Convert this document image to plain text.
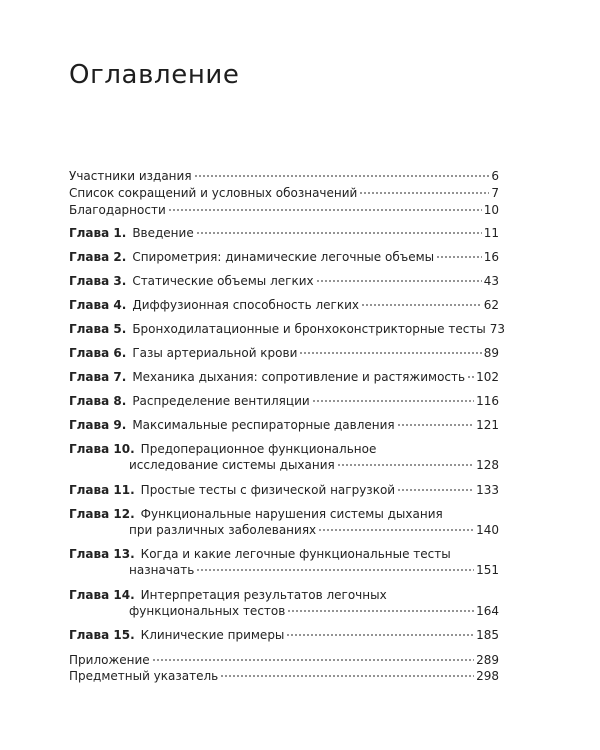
Оглавление
Участники издания	6
Список сокращений и условных обозначений	7
Благодарности	10
Глава 1. Введение	11
Глава 2. Спирометрия: динамические легочные объемы	16
Глава 3. Статические объемы легких	43
Глава 4. Диффузионная способность легких	62
Глава 5. Бронходилатационные и бронхоконстрикторные тесты 73
Глава 6. Газы артериальной крови	89
Глава 7. Механика дыхания: сопротивление и растяжимость 102
Глава 8. Распределение вентиляции	116
Глава 9. Максимальные респираторные давления	121
Глава 10. Предоперационное функциональное
исследование системы дыхания	128
Глава 11. Простые тесты с физической нагрузкой	133
Глава 12. Функциональные нарушения системы дыхания
при различных заболеваниях	140
Глава 13. Когда и какие легочные функциональные тесты
назначать	151
Глава 14. Интерпретация результатов легочных
функциональных тестов	164
Глава 15. Клинические примеры	185
Приложение	289
Предметный указатель	298
